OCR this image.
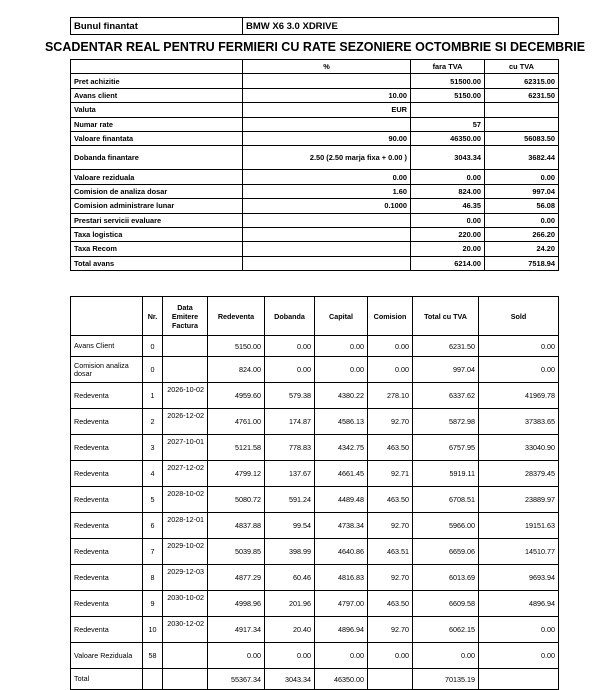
Bunul finantat	BMW X6 3.0 XDRIVE
SCADENTAR REAL PENTRU FERMIERI CU RATE SEZONIERE OCTOMBRIE SI DECEMBRIE
	%	fara TVA	cu TVA
Pret achizitie		51500.00	62315.00
Avans client	10.00	5150.00	6231.50
Valuta	EUR		
Numar rate		57	
Valoare finantata	90.00	46350.00	56083.50
Dobanda finantare	2.50 (2.50 marja fixa + 0.00 )	3043.34	3682.44
Valoare reziduala	0.00	0.00	0.00
Comision de analiza dosar	1.60	824.00	997.04
Comision administrare lunar	0.1000	46.35	56.08
Prestari servicii evaluare		0.00	0.00
Taxa logistica		220.00	266.20
Taxa Recom		20.00	24.20
Total avans		6214.00	7518.94
	Nr.	Data Emitere Factura	Redeventa	Dobanda	Capital	Comision	Total cu TVA	Sold
Avans Client	0		5150.00	0.00	0.00	0.00	6231.50	0.00
Comision analiza dosar	0		824.00	0.00	0.00	0.00	997.04	0.00
Redeventa	1	2026-10-02	4959.60	579.38	4380.22	278.10	6337.62	41969.78
Redeventa	2	2026-12-02	4761.00	174.87	4586.13	92.70	5872.98	37383.65
Redeventa	3	2027-10-01	5121.58	778.83	4342.75	463.50	6757.95	33040.90
Redeventa	4	2027-12-02	4799.12	137.67	4661.45	92.71	5919.11	28379.45
Redeventa	5	2028-10-02	5080.72	591.24	4489.48	463.50	6708.51	23889.97
Redeventa	6	2028-12-01	4837.88	99.54	4738.34	92.70	5966.00	19151.63
Redeventa	7	2029-10-02	5039.85	398.99	4640.86	463.51	6659.06	14510.77
Redeventa	8	2029-12-03	4877.29	60.46	4816.83	92.70	6013.69	9693.94
Redeventa	9	2030-10-02	4998.96	201.96	4797.00	463.50	6609.58	4896.94
Redeventa	10	2030-12-02	4917.34	20.40	4896.94	92.70	6062.15	0.00
Valoare Reziduala	58		0.00	0.00	0.00	0.00	0.00	0.00
Total			55367.34	3043.34	46350.00		70135.19	
